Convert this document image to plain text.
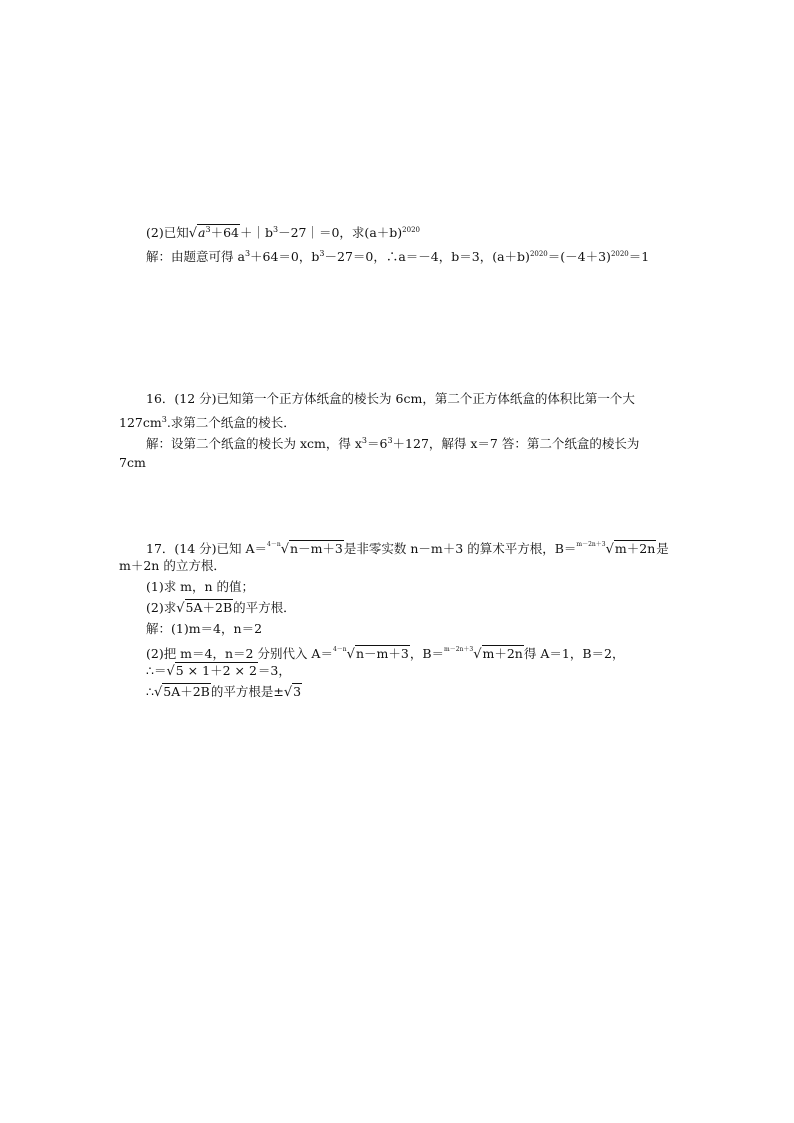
(2)已知$√a^3+64+|b^3-27|=0$，求$(a+b)^{2020}$
解：由题意可得 $a^3+64=0$，$b^3-27=0$，∴a＝－4，b＝3，$(a+b)^{2020}=(-4+3)^{2020}=1$
16．(12 分)已知第一个正方体纸盒的棱长为 6cm，第二个正方体纸盒的体积比第一个大
$127cm^3$.求第二个纸盒的棱长．
解：设第二个纸盒的棱长为 xcm，得 $x^3=6^3+127$，解得 x＝7 答：第二个纸盒的棱长为
7cm
17．(14 分)已知 A＝$^{4-n}$√n－m＋3是非零实数 n－m＋3 的算术平方根，B＝$^{m-2n+3}$√m＋2n是
m＋2n 的立方根．
(1)求 m，n 的值；
(2)求√5A＋2B的平方根．
解：(1)m＝4，n＝2
(2)把 m＝4，n＝2 分别代入 A＝$^{4-n}$√n－m＋3，B＝$^{m-2n+3}$√m＋2n得 A＝1，B＝2，
∴＝√5 × 1＋2 × 2＝3，
∴√5A＋2B的平方根是±√3
